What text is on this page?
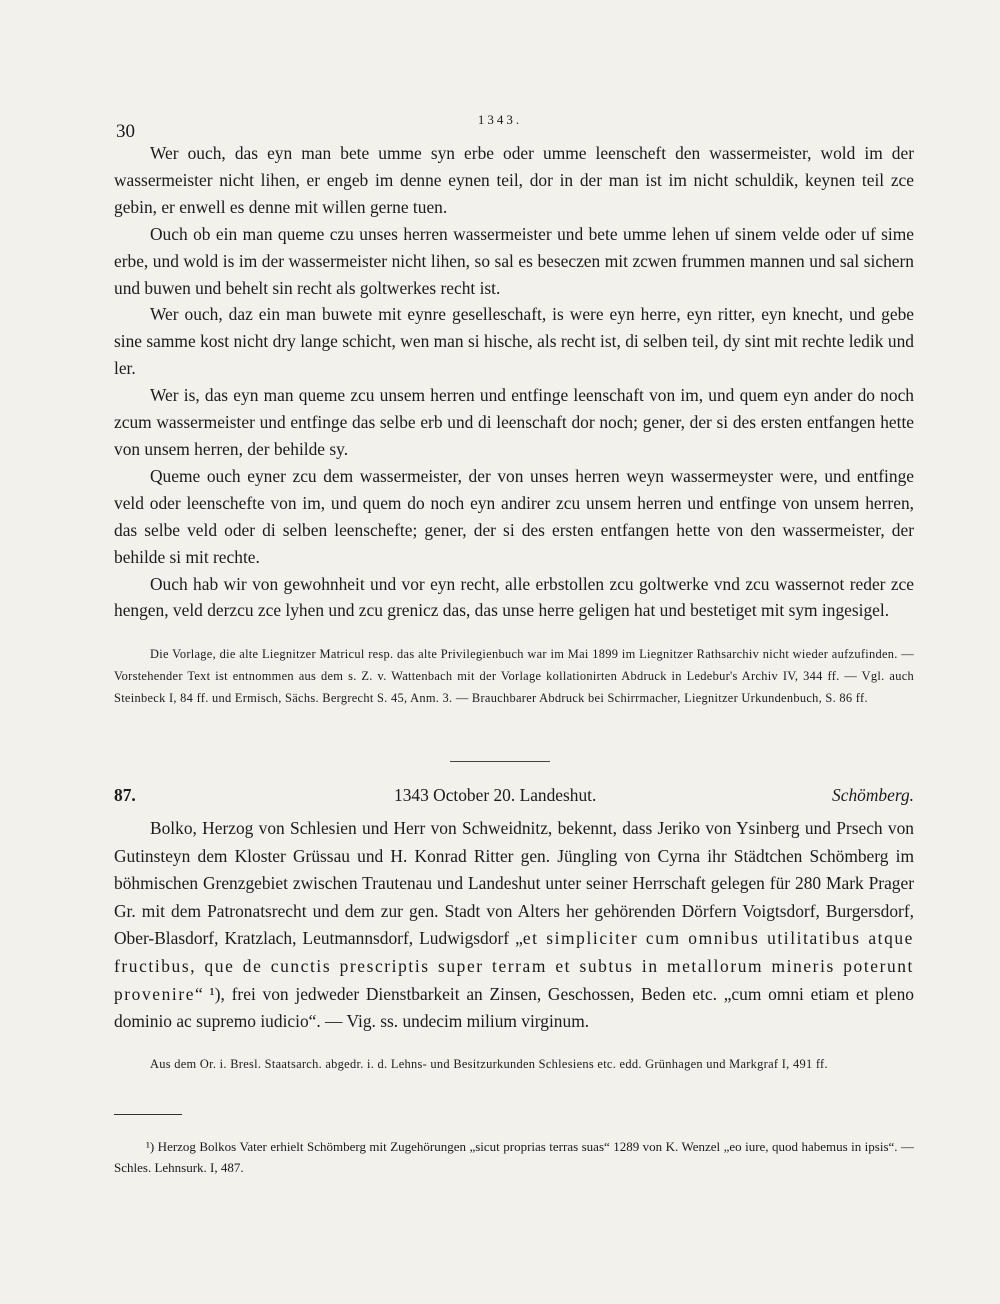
30
1343.

Wer ouch, das eyn man bete umme syn erbe oder umme leenscheft den wassermeister, wold im der wassermeister nicht lihen, er engeb im denne eynen teil, dor in der man ist im nicht schuldik, keynen teil zce gebin, er enwell es denne mit willen gerne tuen.

Ouch ob ein man queme czu unses herren wassermeister und bete umme lehen uf sinem velde oder uf sime erbe, und wold is im der wassermeister nicht lihen, so sal es beseczen mit zcwen frummen mannen und sal sichern und buwen und behelt sin recht als goltwerkes recht ist.

Wer ouch, daz ein man buwete mit eynre geselleschaft, is were eyn herre, eyn ritter, eyn knecht, und gebe sine samme kost nicht dry lange schicht, wen man si hische, als recht ist, di selben teil, dy sint mit rechte ledik und ler.

Wer is, das eyn man queme zcu unsem herren und entfinge leenschaft von im, und quem eyn ander do noch zcum wassermeister und entfinge das selbe erb und di leenschaft dor noch; gener, der si des ersten entfangen hette von unsem herren, der behilde sy.

Queme ouch eyner zcu dem wassermeister, der von unses herren weyn wassermeyster were, und entfinge veld oder leenschefte von im, und quem do noch eyn andirer zcu unsem herren und entfinge von unsem herren, das selbe veld oder di selben leenschefte; gener, der si des ersten entfangen hette von den wassermeister, der behilde si mit rechte.

Ouch hab wir von gewohnheit und vor eyn recht, alle erbstollen zcu goltwerke vnd zcu wassernot reder zce hengen, veld derzcu zce lyhen und zcu grenicz das, das unse herre geligen hat und bestetiget mit sym ingesigel.

Die Vorlage, die alte Liegnitzer Matricul resp. das alte Privilegienbuch war im Mai 1899 im Liegnitzer Rathsarchiv nicht wieder aufzufinden. — Vorstehender Text ist entnommen aus dem s. Z. v. Wattenbach mit der Vorlage kollationirten Abdruck in Ledebur's Archiv IV, 344 ff. — Vgl. auch Steinbeck I, 84 ff. und Ermisch, Sächs. Bergrecht S. 45, Anm. 3. — Brauchbarer Abdruck bei Schirrmacher, Liegnitzer Urkundenbuch, S. 86 ff.

87.	1343 October 20. Landeshut.	Schömberg.

Bolko, Herzog von Schlesien und Herr von Schweidnitz, bekennt, dass Jeriko von Ysinberg und Prsech von Gutinsteyn dem Kloster Grüssau und H. Konrad Ritter gen. Jüngling von Cyrna ihr Städtchen Schömberg im böhmischen Grenzgebiet zwischen Trautenau und Landeshut unter seiner Herrschaft gelegen für 280 Mark Prager Gr. mit dem Patronatsrecht und dem zur gen. Stadt von Alters her gehörenden Dörfern Voigtsdorf, Burgersdorf, Ober-Blasdorf, Kratzlach, Leutmannsdorf, Ludwigsdorf „et simpliciter cum omnibus utilitatibus atque fructibus, que de cunctis prescriptis super terram et subtus in metallorum mineris poterunt provenire“ ¹), frei von jedweder Dienstbarkeit an Zinsen, Geschossen, Beden etc. „cum omni etiam et pleno dominio ac supremo iudicio“. — Vig. ss. undecim milium virginum.

Aus dem Or. i. Bresl. Staatsarch. abgedr. i. d. Lehns- und Besitzurkunden Schlesiens etc. edd. Grünhagen und Markgraf I, 491 ff.

¹) Herzog Bolkos Vater erhielt Schömberg mit Zugehörungen „sicut proprias terras suas“ 1289 von K. Wenzel „eo iure, quod habemus in ipsis“. — Schles. Lehnsurk. I, 487.
